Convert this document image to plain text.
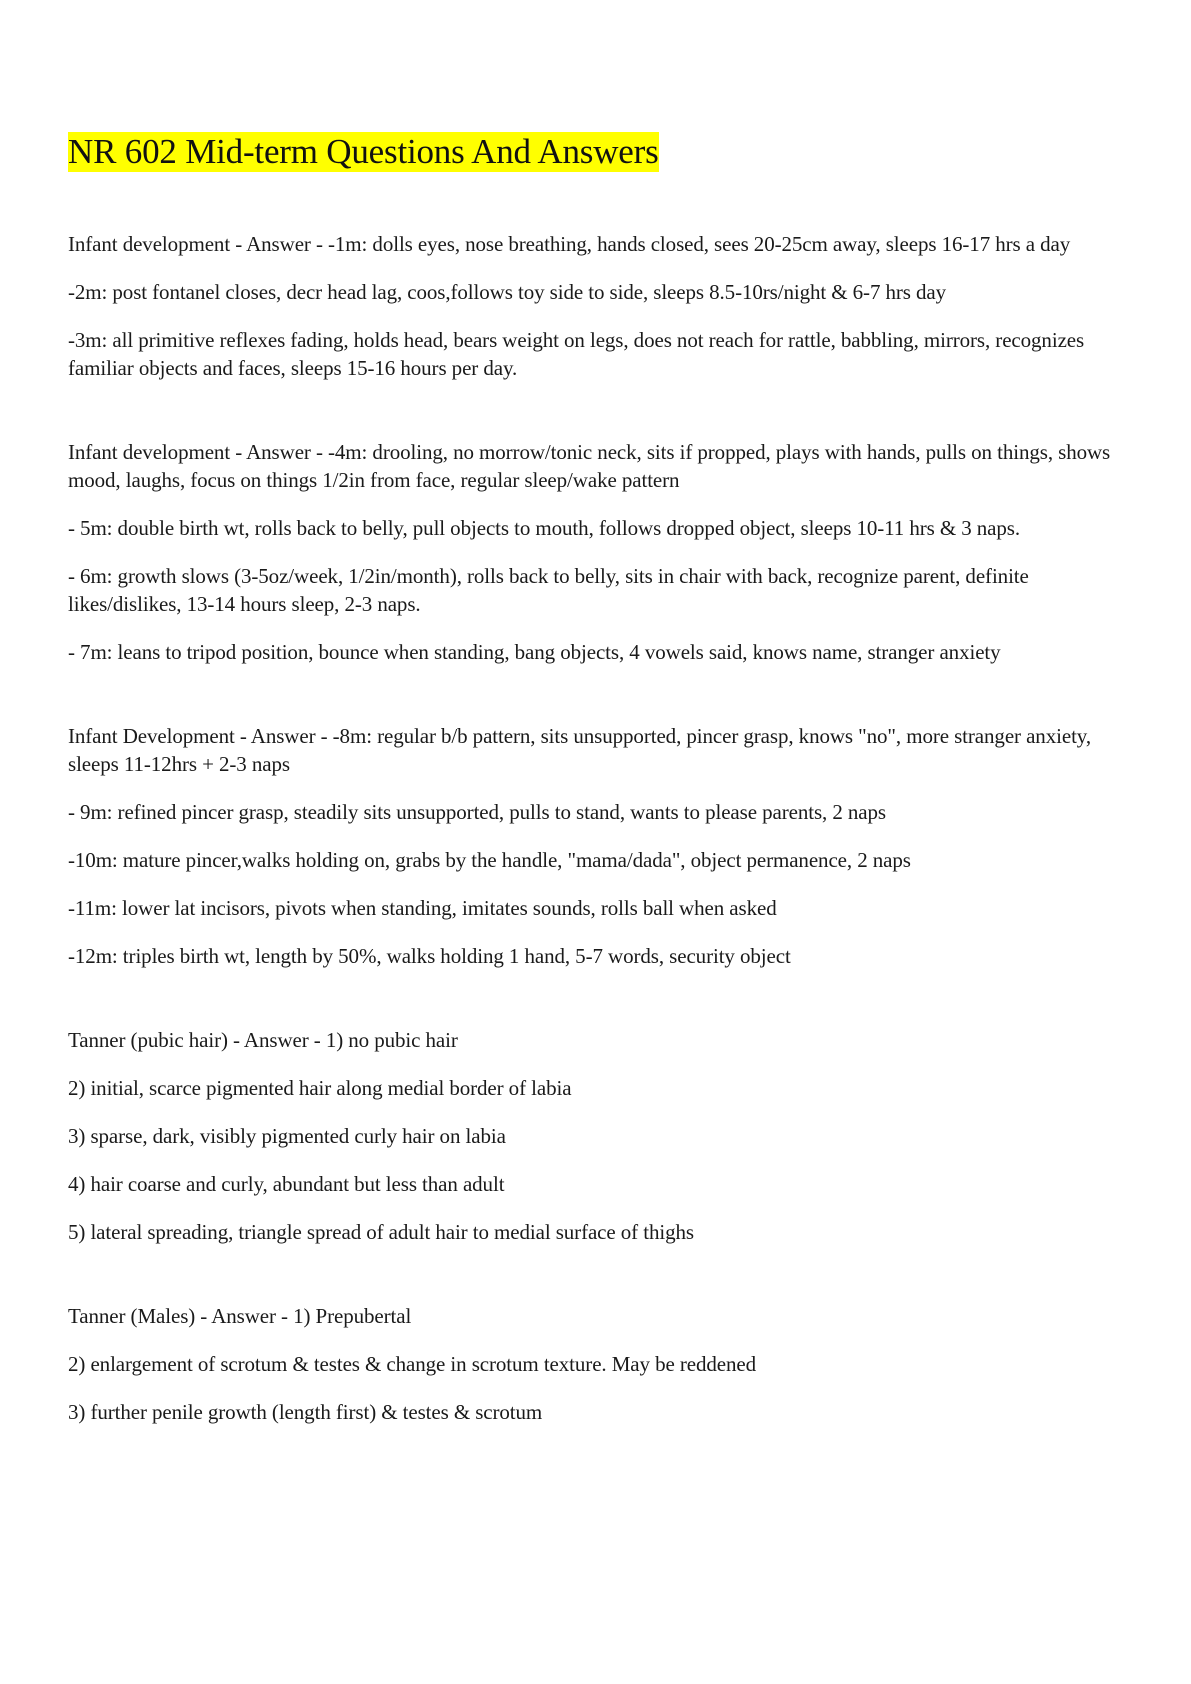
NR 602 Mid-term Questions And Answers

Infant development - Answer - -1m: dolls eyes, nose breathing, hands closed, sees 20-25cm away, sleeps 16-17 hrs a day

-2m: post fontanel closes, decr head lag, coos,follows toy side to side, sleeps 8.5-10rs/night & 6-7 hrs day

-3m: all primitive reflexes fading, holds head, bears weight on legs, does not reach for rattle, babbling, mirrors, recognizes familiar objects and faces, sleeps 15-16 hours per day.

Infant development - Answer - -4m: drooling, no morrow/tonic neck, sits if propped, plays with hands, pulls on things, shows mood, laughs, focus on things 1/2in from face, regular sleep/wake pattern

- 5m: double birth wt, rolls back to belly, pull objects to mouth, follows dropped object, sleeps 10-11 hrs & 3 naps.

- 6m: growth slows (3-5oz/week, 1/2in/month), rolls back to belly, sits in chair with back, recognize parent, definite likes/dislikes, 13-14 hours sleep, 2-3 naps.

- 7m: leans to tripod position, bounce when standing, bang objects, 4 vowels said, knows name, stranger anxiety

Infant Development - Answer - -8m: regular b/b pattern, sits unsupported, pincer grasp, knows "no", more stranger anxiety, sleeps 11-12hrs + 2-3 naps

- 9m: refined pincer grasp, steadily sits unsupported, pulls to stand, wants to please parents, 2 naps

-10m: mature pincer,walks holding on, grabs by the handle, "mama/dada", object permanence, 2 naps

-11m: lower lat incisors, pivots when standing, imitates sounds, rolls ball when asked

-12m: triples birth wt, length by 50%, walks holding 1 hand, 5-7 words, security object

Tanner (pubic hair) - Answer - 1) no pubic hair

2) initial, scarce pigmented hair along medial border of labia

3) sparse, dark, visibly pigmented curly hair on labia

4) hair coarse and curly, abundant but less than adult

5) lateral spreading, triangle spread of adult hair to medial surface of thighs

Tanner (Males) - Answer - 1) Prepubertal

2) enlargement of scrotum & testes & change in scrotum texture. May be reddened

3) further penile growth (length first) & testes & scrotum
